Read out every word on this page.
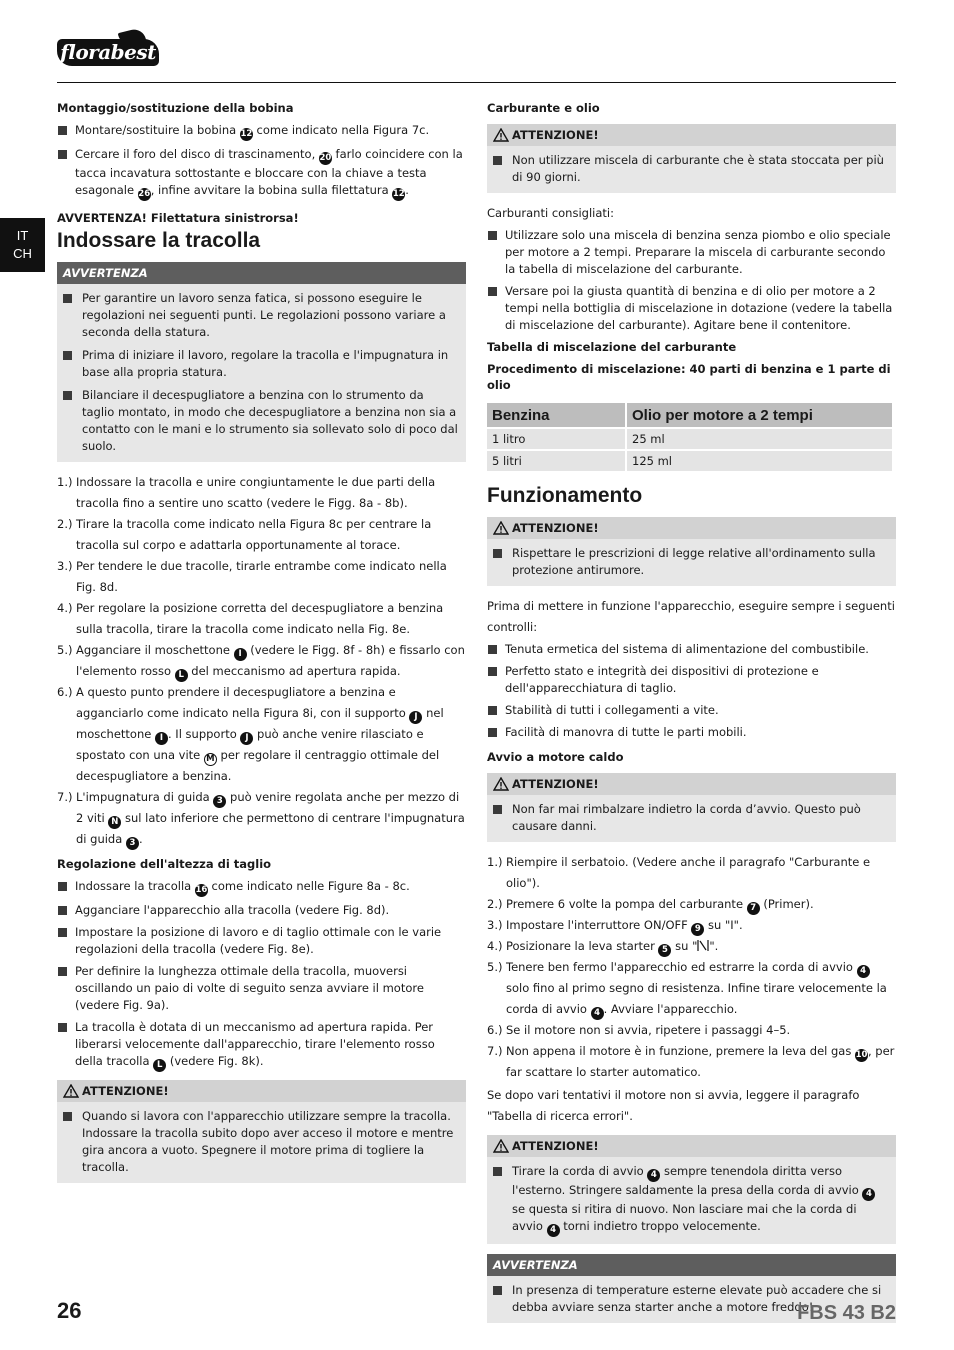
florabest
IT
CH

Montaggio/sostituzione della bobina

Montare/sostituire la bobina 12 come indicato nella Figura 7c.
Cercare il foro del disco di trascinamento, 20 farlo coincidere con la tacca incavatura sottostante e bloccare con la chiave a testa esagonale 26, infine avvitare la bobina sulla filettatura 12.

AVVERTENZA! Filettatura sinistrorsa!

Indossare la tracolla

AVVERTENZA
Per garantire un lavoro senza fatica, si possono eseguire le regolazioni nei seguenti punti. Le regolazioni possono variare a seconda della statura.
Prima di iniziare il lavoro, regolare la tracolla e l'impugnatura in base alla propria statura.
Bilanciare il decespugliatore a benzina con lo strumento da taglio montato, in modo che decespugliatore a benzina non sia a contatto con le mani e lo strumento sia sollevato solo di poco dal suolo.
1.) Indossare la tracolla e unire congiuntamente le due parti della tracolla fino a sentire uno scatto (vedere le Figg. 8a - 8b).
2.) Tirare la tracolla come indicato nella Figura 8c per centrare la tracolla sul corpo e adattarla opportunamente al torace.
3.) Per tendere le due tracolle, tirarle entrambe come indicato nella Fig. 8d.
4.) Per regolare la posizione corretta del decespugliatore a benzina sulla tracolla, tirare la tracolla come indicato nella Fig. 8e.
5.) Agganciare il moschettone I (vedere le Figg. 8f - 8h) e fissarlo con l'elemento rosso L del meccanismo ad apertura rapida.
6.) A questo punto prendere il decespugliatore a benzina e agganciarlo come indicato nella Figura 8i, con il supporto J nel moschettone I . Il supporto J può anche venire rilasciato e spostato con una vite M per regolare il centraggio ottimale del decespugliatore a benzina.
7.) L'impugnatura di guida 3 può venire regolata anche per mezzo di 2 viti N sul lato inferiore che permettono di centrare l'impugnatura di guida 3 .

Regolazione dell'altezza di taglio

Indossare la tracolla 16 come indicato nelle Figure 8a - 8c.
Agganciare l'apparecchio alla tracolla (vedere Fig. 8d).
Impostare la posizione di lavoro e di taglio ottimale con le varie regolazioni della tracolla (vedere Fig. 8e).
Per definire la lunghezza ottimale della tracolla, muoversi oscillando un paio di volte di seguito senza avviare il motore (vedere Fig. 9a).
La tracolla è dotata di un meccanismo ad apertura rapida. Per liberarsi velocemente dall'apparecchio, tirare l'elemento rosso della tracolla L (vedere Fig. 8k).
ATTENZIONE!
Quando si lavora con l'apparecchio utilizzare sempre la tracolla. Indossare la tracolla subito dopo aver acceso il motore e mentre gira ancora a vuoto. Spegnere il motore prima di togliere la tracolla.

Carburante e olio

ATTENZIONE!
Non utilizzare miscela di carburante che è stata stoccata per più di 90 giorni.

Carburanti consigliati:

Utilizzare solo una miscela di benzina senza piombo e olio speciale per motore a 2 tempi. Preparare la miscela di carburante secondo la tabella di miscelazione del carburante.
Versare poi la giusta quantità di benzina e di olio per motore a 2 tempi nella bottiglia di miscelazione in dotazione (vedere la tabella di miscelazione del carburante). Agitare bene il contenitore.

Tabella di miscelazione del carburante

Procedimento di miscelazione: 40 parti di benzina e 1 parte di olio

Benzina	Olio per motore a 2 tempi
1 litro	25 ml
5 litri	125 ml

Funzionamento

ATTENZIONE!
Rispettare le prescrizioni di legge relative all'ordinamento sulla protezione antirumore.

Prima di mettere in funzione l'apparecchio, eseguire sempre i seguenti controlli:

Tenuta ermetica del sistema di alimentazione del combustibile.
Perfetto stato e integrità dei dispositivi di protezione e dell'apparecchiatura di taglio.
Stabilità di tutti i collegamenti a vite.
Facilità di manovra di tutte le parti mobili.

Avvio a motore caldo

ATTENZIONE!
Non far mai rimbalzare indietro la corda d’avvio. Questo può causare danni.
1.) Riempire il serbatoio. (Vedere anche il paragrafo "Carburante e olio").
2.) Premere 6 volte la pompa del carburante 7 (Primer).
3.) Impostare l'interruttore ON/OFF 9 su "I".
4.) Posizionare la leva starter 5 su " ".
5.) Tenere ben fermo l'apparecchio ed estrarre la corda di avvio 4 solo fino al primo segno di resistenza. Infine tirare velocemente la corda di avvio 4 . Avviare l'apparecchio.
6.) Se il motore non si avvia, ripetere i passaggi 4–5.
7.) Non appena il motore è in funzione, premere la leva del gas 10, per far scattare lo starter automatico.

Se dopo vari tentativi il motore non si avvia, leggere il paragrafo "Tabella di ricerca errori".

ATTENZIONE!
Tirare la corda di avvio 4 sempre tenendola diritta verso l'esterno. Stringere saldamente la presa della corda di avvio 4 se questa si ritira di nuovo. Non lasciare mai che la corda di avvio 4 torni indietro troppo velocemente.
AVVERTENZA
In presenza di temperature esterne elevate può accadere che si debba avviare senza starter anche a motore freddo!
26	FBS 43 B2
